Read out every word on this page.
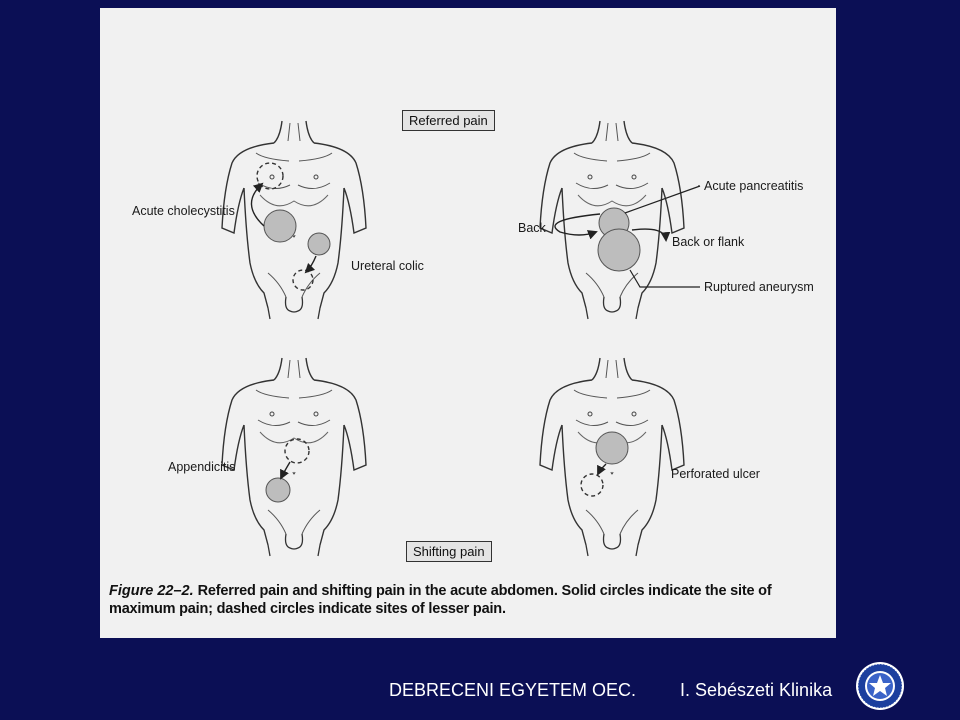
Referred pain
Shifting pain
Acute cholecystitis
Ureteral colic
Acute pancreatitis
Back
Back or flank
Ruptured aneurysm
Appendicitis	Perforated ulcer
Figure 22–2. Referred pain and shifting pain in the acute abdomen. Solid circles indicate the site of maximum pain; dashed circles indicate sites of lesser pain.
DEBRECENI EGYETEM OEC. I. Sebészeti Klinika
